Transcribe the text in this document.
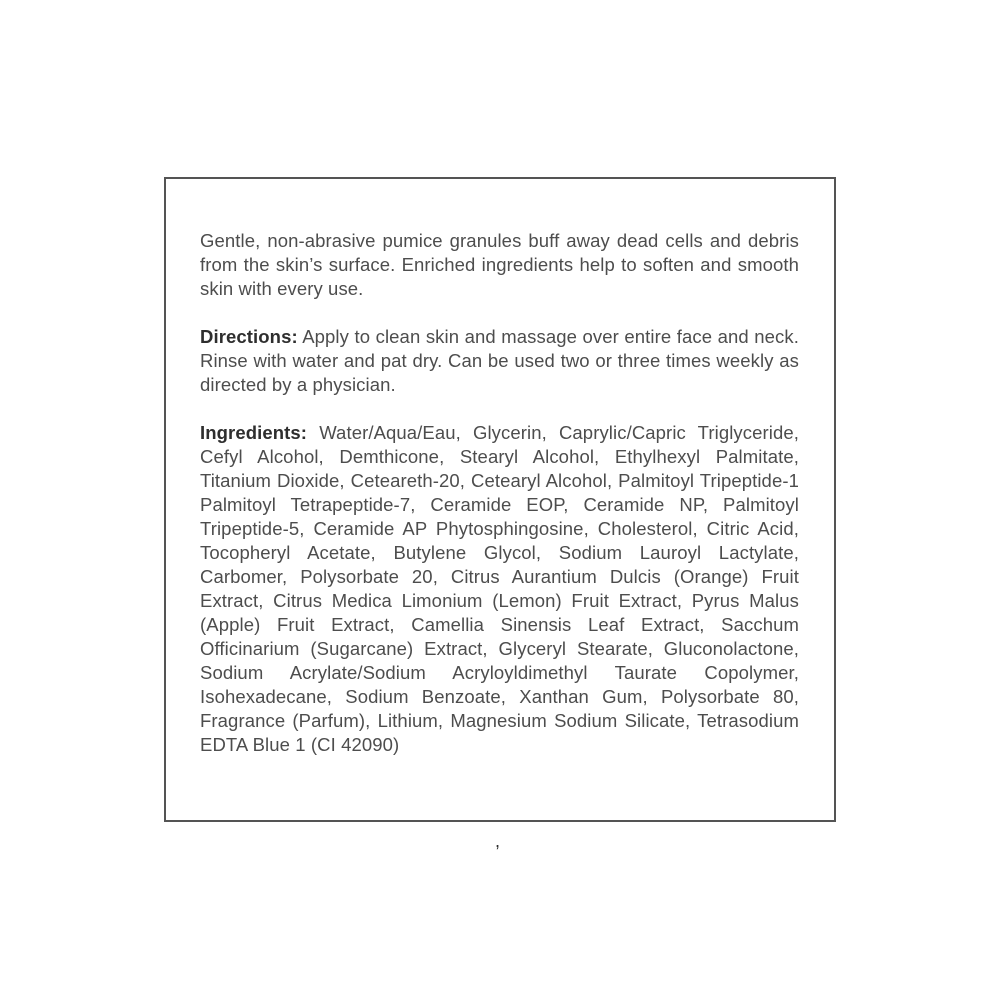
Gentle, non-abrasive pumice granules buff away dead cells and debris from the skin’s surface. Enriched ingredients help to soften and smooth skin with every use.

Directions: Apply to clean skin and massage over entire face and neck. Rinse with water and pat dry. Can be used two or three times weekly as directed by a physician.

Ingredients: Water/Aqua/Eau, Glycerin, Caprylic/Capric Triglyceride, Cefyl Alcohol, Demthicone, Stearyl Alcohol, Ethylhexyl Palmitate, Titanium Dioxide, Ceteareth-20, Cetearyl Alcohol, Palmitoyl Tripeptide-1 Palmitoyl Tetrapeptide-7, Ceramide EOP, Ceramide NP, Palmitoyl Tripeptide-5, Ceramide AP Phytosphingosine, Cholesterol, Citric Acid, Tocopheryl Acetate, Butylene Glycol, Sodium Lauroyl Lactylate, Carbomer, Polysorbate 20, Citrus Aurantium Dulcis (Orange) Fruit Extract, Citrus Medica Limonium (Lemon) Fruit Extract, Pyrus Malus (Apple) Fruit Extract, Camellia Sinensis Leaf Extract, Sacchum Officinarium (Sugarcane) Extract, Glyceryl Stearate, Gluconolactone, Sodium Acrylate/Sodium Acryloyldimethyl Taurate Copolymer, Isohexadecane, Sodium Benzoate, Xanthan Gum, Polysorbate 80, Fragrance (Parfum), Lithium, Magnesium Sodium Silicate, Tetrasodium EDTA Blue 1 (CI 42090)

,
